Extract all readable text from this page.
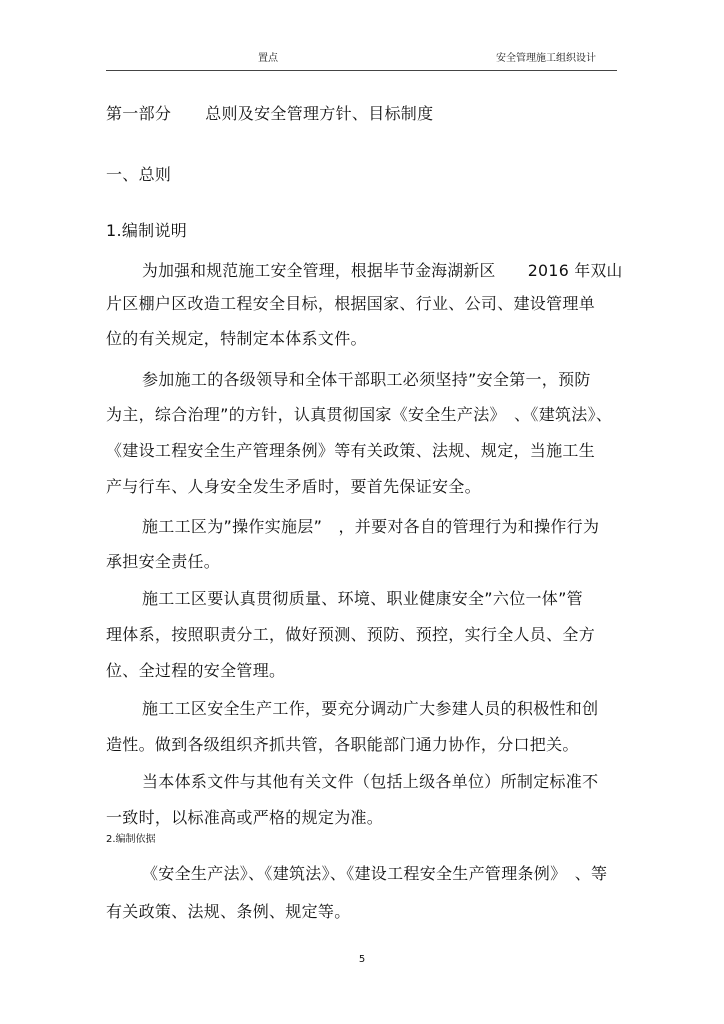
置点	安全管理施工组织设计
第一部分 总则及安全管理方针、目标制度
一、总则
1.编制说明
为加强和规范施工安全管理，根据毕节金海湖新区　　2016 年双山
片区棚户区改造工程安全目标，根据国家、行业、公司、建设管理单
位的有关规定，特制定本体系文件。
参加施工的各级领导和全体干部职工必须坚持”安全第一，预防
为主，综合治理”的方针，认真贯彻国家《安全生产法》　、《建筑法》、
《建设工程安全生产管理条例》等有关政策、法规、规定，当施工生
产与行车、人身安全发生矛盾时，要首先保证安全。
施工工区为”操作实施层”　，并要对各自的管理行为和操作行为
承担安全责任。
施工工区要认真贯彻质量、环境、职业健康安全”六位一体”管
理体系，按照职责分工，做好预测、预防、预控，实行全人员、全方
位、全过程的安全管理。
施工工区安全生产工作，要充分调动广大参建人员的积极性和创
造性。做到各级组织齐抓共管，各职能部门通力协作，分口把关。
当本体系文件与其他有关文件（包括上级各单位）所制定标准不
一致时，以标准高或严格的规定为准。
2.编制依据
《安全生产法》、《建筑法》、《建设工程安全生产管理条例》　、等
有关政策、法规、条例、规定等。
5
